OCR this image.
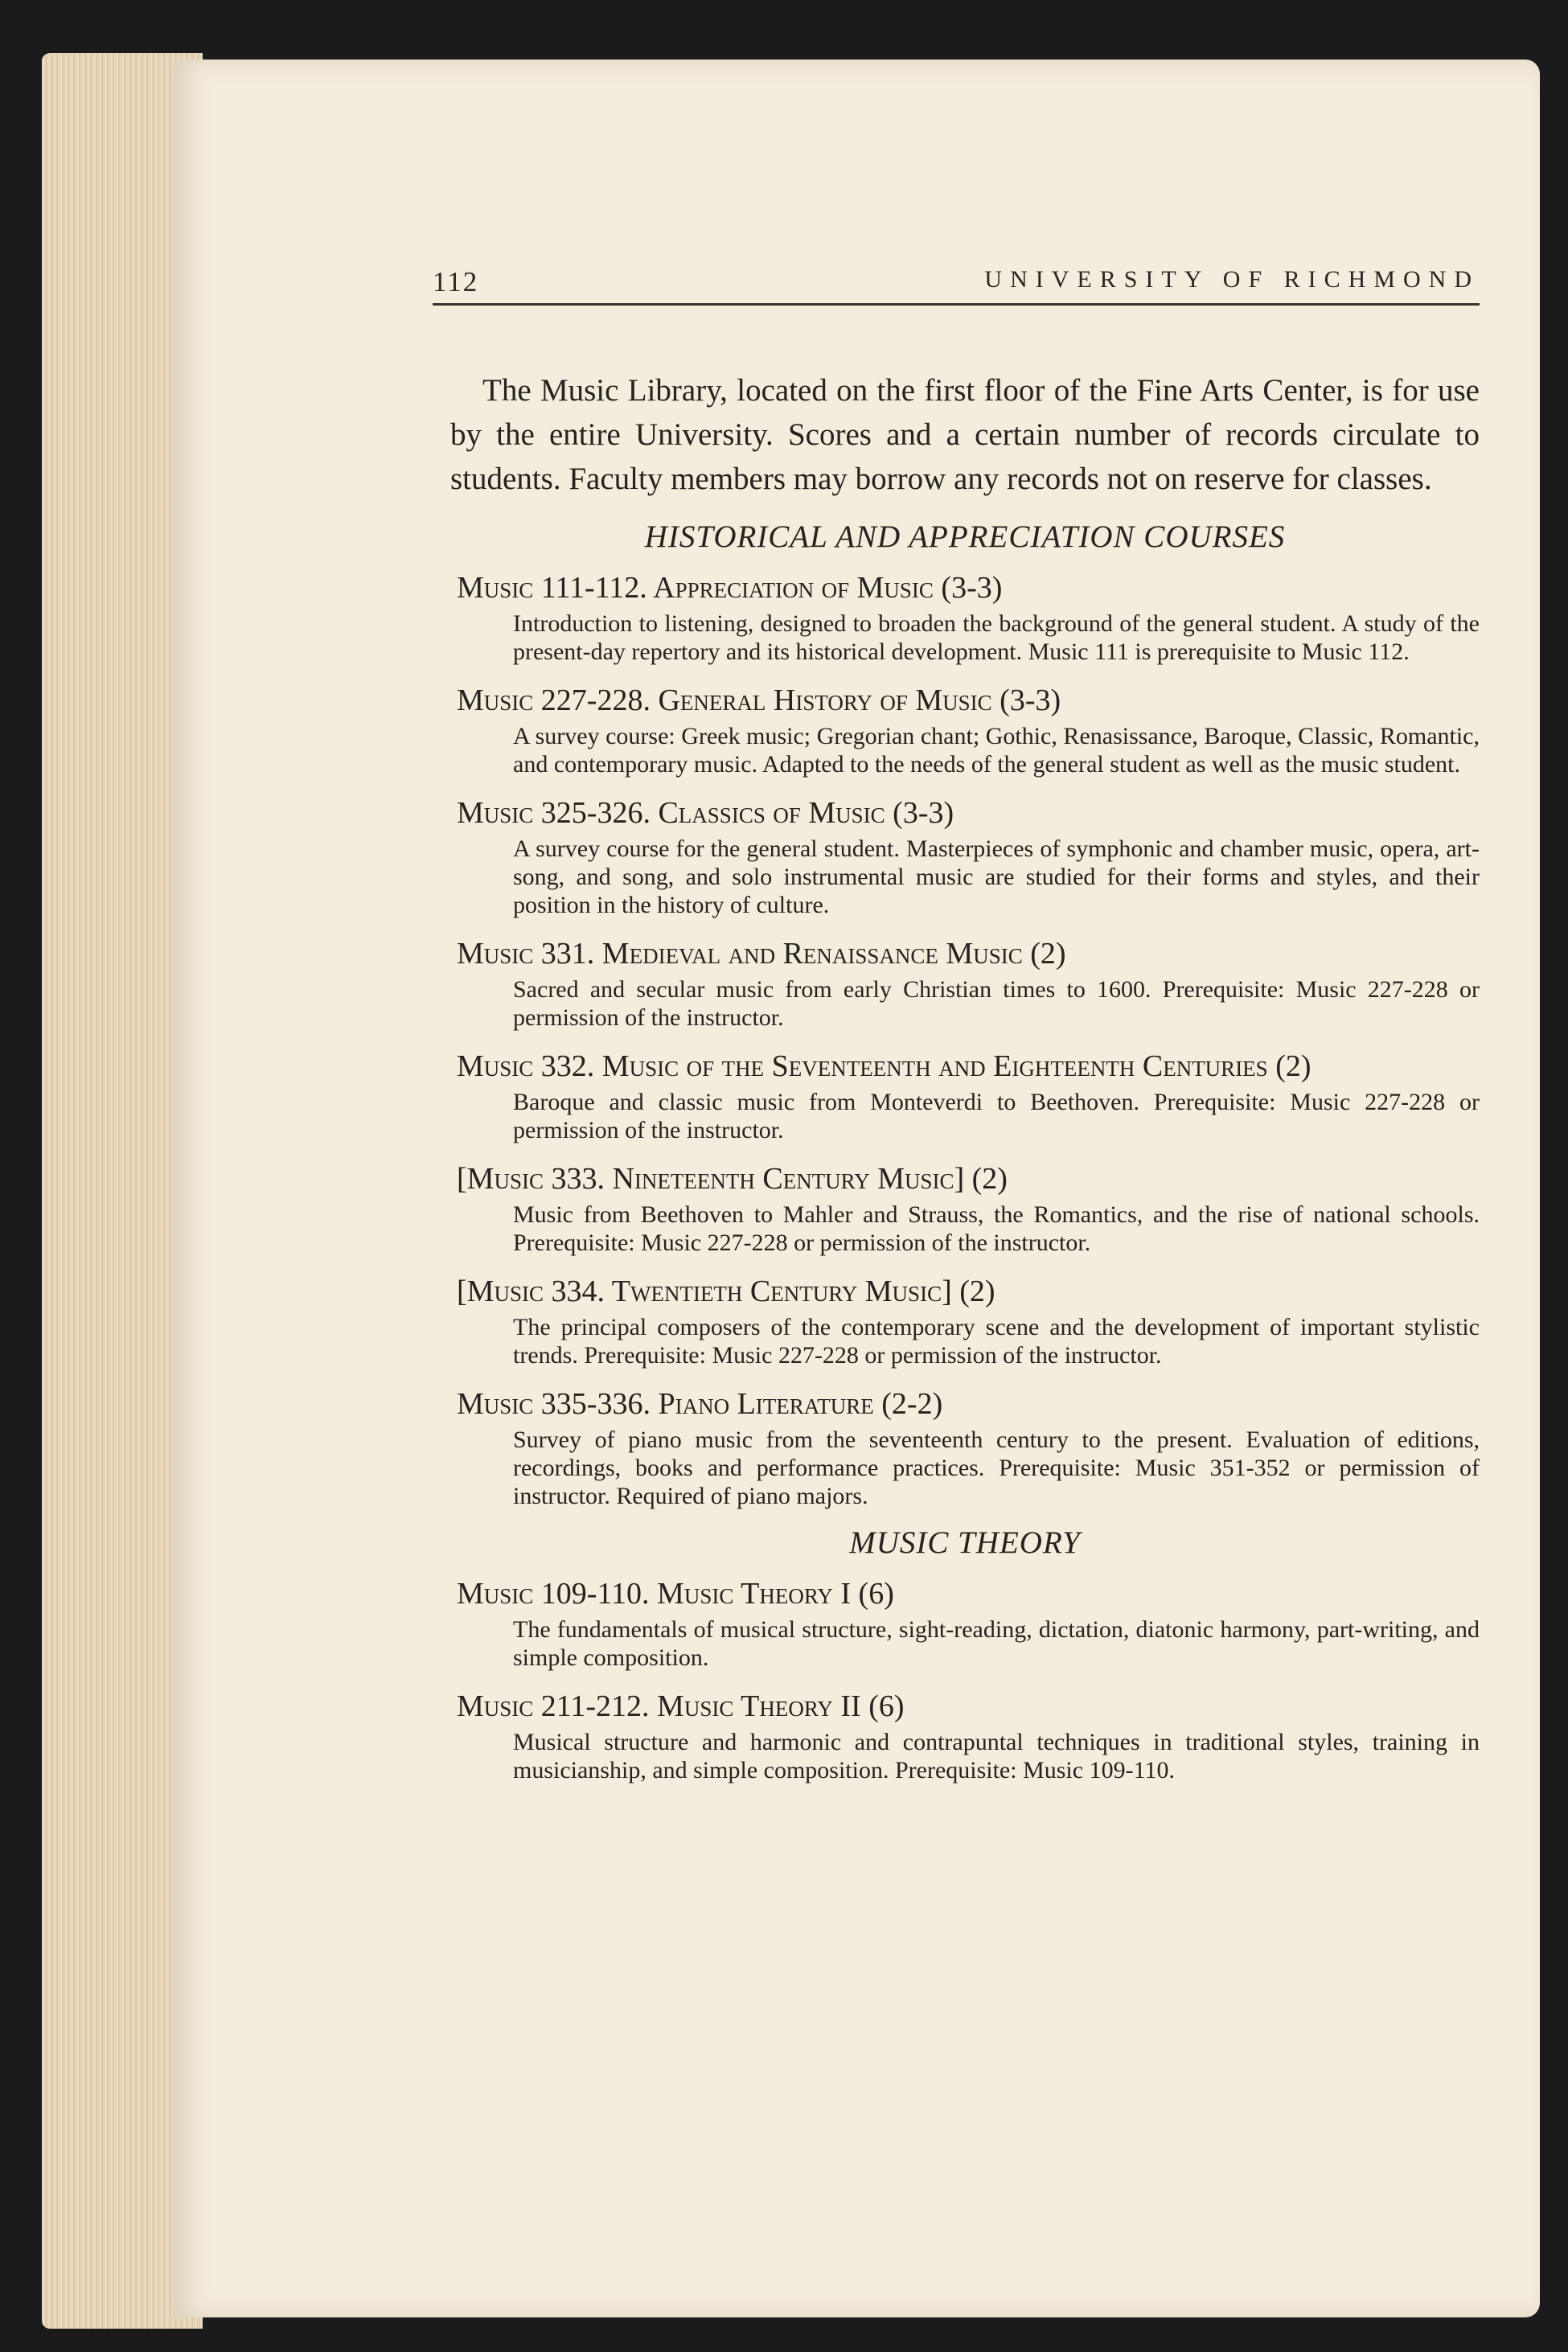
112	UNIVERSITY OF RICHMOND

The Music Library, located on the first floor of the Fine Arts Center, is for use by the entire University. Scores and a certain number of records circulate to students. Faculty members may borrow any records not on reserve for classes.

HISTORICAL AND APPRECIATION COURSES
Music 111-112. Appreciation of Music (3-3)
Introduction to listening, designed to broaden the background of the general student. A study of the present-day repertory and its historical development. Music 111 is prerequisite to Music 112.
Music 227-228. General History of Music (3-3)
A survey course: Greek music; Gregorian chant; Gothic, Renasissance, Baroque, Classic, Romantic, and contemporary music. Adapted to the needs of the general student as well as the music student.
Music 325-326. Classics of Music (3-3)
A survey course for the general student. Masterpieces of symphonic and chamber music, opera, art-song, and song, and solo instrumental music are studied for their forms and styles, and their position in the history of culture.
Music 331. Medieval and Renaissance Music (2)
Sacred and secular music from early Christian times to 1600. Prerequisite: Music 227-228 or permission of the instructor.
Music 332. Music of the Seventeenth and Eighteenth Centuries (2)
Baroque and classic music from Monteverdi to Beethoven. Prerequisite: Music 227-228 or permission of the instructor.
[Music 333. Nineteenth Century Music] (2)
Music from Beethoven to Mahler and Strauss, the Romantics, and the rise of national schools. Prerequisite: Music 227-228 or permission of the instructor.
[Music 334. Twentieth Century Music] (2)
The principal composers of the contemporary scene and the development of important stylistic trends. Prerequisite: Music 227-228 or permission of the instructor.
Music 335-336. Piano Literature (2-2)
Survey of piano music from the seventeenth century to the present. Evaluation of editions, recordings, books and performance practices. Prerequisite: Music 351-352 or permission of instructor. Required of piano majors.
MUSIC THEORY
Music 109-110. Music Theory I (6)
The fundamentals of musical structure, sight-reading, dictation, diatonic harmony, part-writing, and simple composition.
Music 211-212. Music Theory II (6)
Musical structure and harmonic and contrapuntal techniques in traditional styles, training in musicianship, and simple composition. Prerequisite: Music 109-110.
